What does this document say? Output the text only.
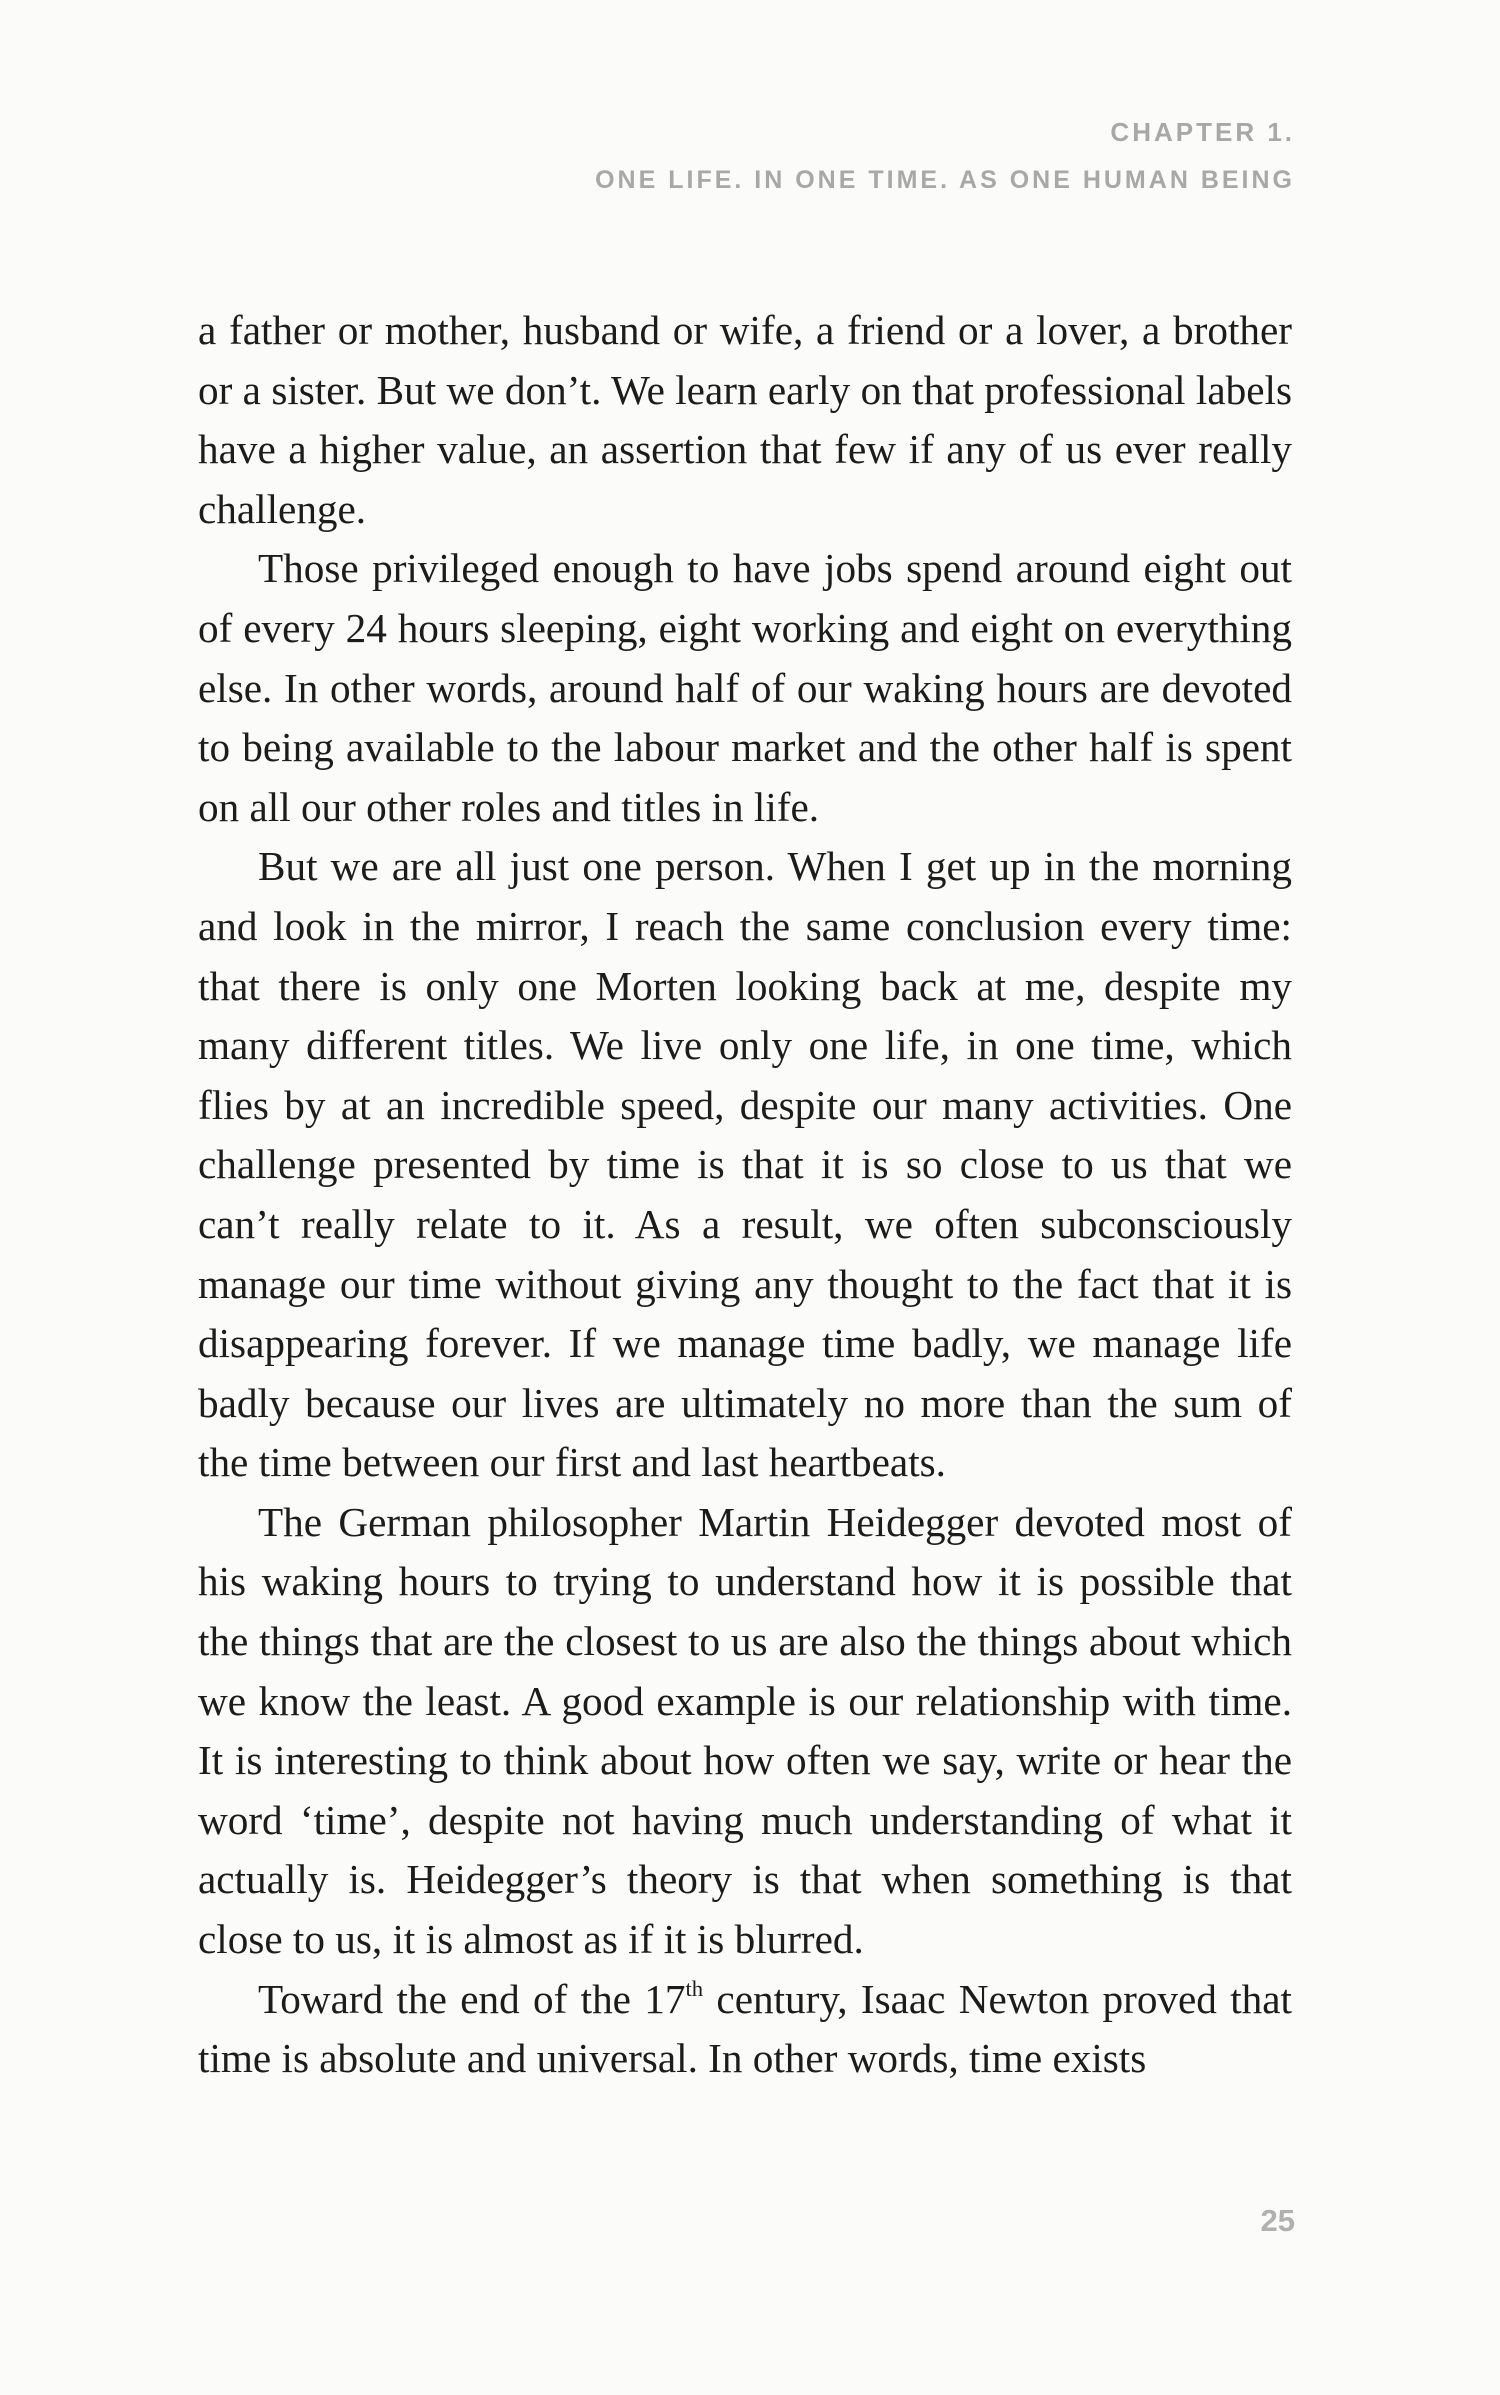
CHAPTER 1.
ONE LIFE. IN ONE TIME. AS ONE HUMAN BEING

a father or mother, husband or wife, a friend or a lover, a brother or a sister. But we don’t. We learn early on that professional labels have a higher value, an assertion that few if any of us ever really challenge.

Those privileged enough to have jobs spend around eight out of every 24 hours sleeping, eight working and eight on everything else. In other words, around half of our waking hours are devoted to being available to the labour market and the other half is spent on all our other roles and titles in life.

But we are all just one person. When I get up in the morning and look in the mirror, I reach the same conclusion every time: that there is only one Morten looking back at me, despite my many different titles. We live only one life, in one time, which flies by at an incredible speed, despite our many activities. One challenge presented by time is that it is so close to us that we can’t really relate to it. As a result, we often subconsciously manage our time without giving any thought to the fact that it is disappearing forever. If we manage time badly, we manage life badly because our lives are ultimately no more than the sum of the time between our first and last heartbeats.

The German philosopher Martin Heidegger devoted most of his waking hours to trying to understand how it is possible that the things that are the closest to us are also the things about which we know the least. A good example is our relationship with time. It is interesting to think about how often we say, write or hear the word ‘time’, despite not having much understanding of what it actually is. Heidegger’s theory is that when something is that close to us, it is almost as if it is blurred.

Toward the end of the 17th century, Isaac Newton proved that time is absolute and universal. In other words, time exists

25
